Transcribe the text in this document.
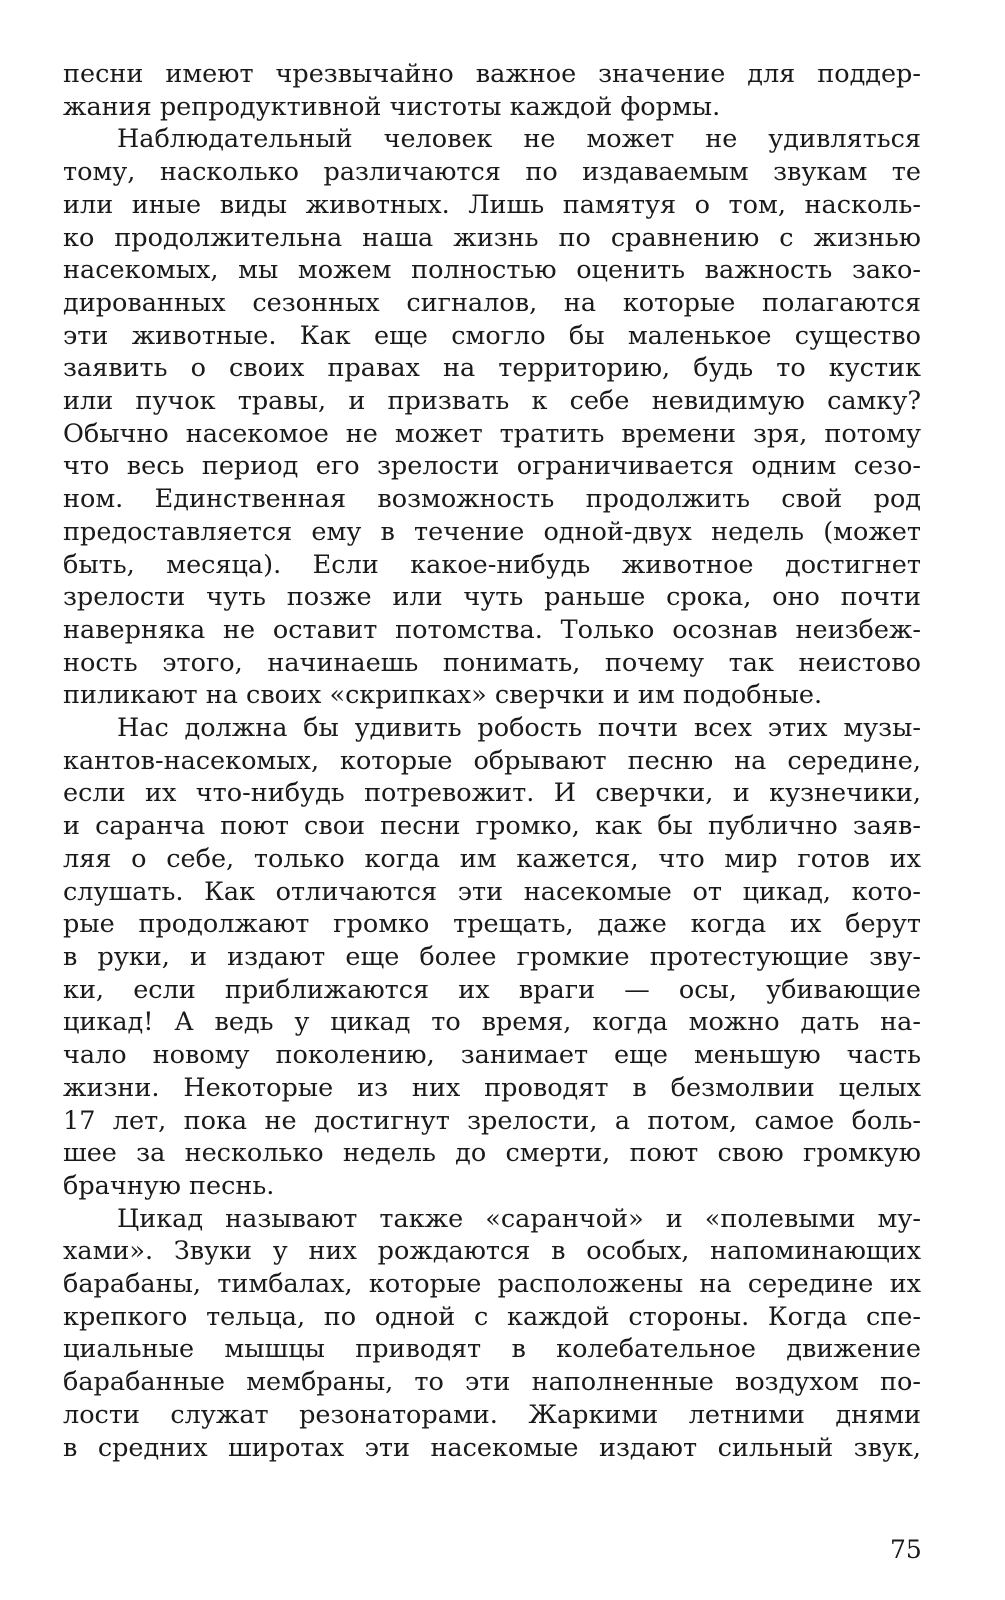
песни имеют чрезвычайно важное значение для поддер-
жания репродуктивной чистоты каждой формы.
Наблюдательный человек не может не удивляться
тому, насколько различаются по издаваемым звукам те
или иные виды животных. Лишь памятуя о том, насколь-
ко продолжительна наша жизнь по сравнению с жизнью
насекомых, мы можем полностью оценить важность зако-
дированных сезонных сигналов, на которые полагаются
эти животные. Как еще смогло бы маленькое существо
заявить о своих правах на территорию, будь то кустик
или пучок травы, и призвать к себе невидимую самку?
Обычно насекомое не может тратить времени зря, потому
что весь период его зрелости ограничивается одним сезо-
ном. Единственная возможность продолжить свой род
предоставляется ему в течение одной-двух недель (может
быть, месяца). Если какое-нибудь животное достигнет
зрелости чуть позже или чуть раньше срока, оно почти
наверняка не оставит потомства. Только осознав неизбеж-
ность этого, начинаешь понимать, почему так неистово
пиликают на своих «скрипках» сверчки и им подобные.
Нас должна бы удивить робость почти всех этих музы-
кантов-насекомых, которые обрывают песню на середине,
если их что-нибудь потревожит. И сверчки, и кузнечики,
и саранча поют свои песни громко, как бы публично заяв-
ляя о себе, только когда им кажется, что мир готов их
слушать. Как отличаются эти насекомые от цикад, кото-
рые продолжают громко трещать, даже когда их берут
в руки, и издают еще более громкие протестующие зву-
ки, если приближаются их враги — осы, убивающие
цикад! А ведь у цикад то время, когда можно дать на-
чало новому поколению, занимает еще меньшую часть
жизни. Некоторые из них проводят в безмолвии целых
17 лет, пока не достигнут зрелости, а потом, самое боль-
шее за несколько недель до смерти, поют свою громкую
брачную песнь.
Цикад называют также «саранчой» и «полевыми му-
хами». Звуки у них рождаются в особых, напоминающих
барабаны, тимбалах, которые расположены на середине их
крепкого тельца, по одной с каждой стороны. Когда спе-
циальные мышцы приводят в колебательное движение
барабанные мембраны, то эти наполненные воздухом по-
лости служат резонаторами. Жаркими летними днями
в средних широтах эти насекомые издают сильный звук,
75
